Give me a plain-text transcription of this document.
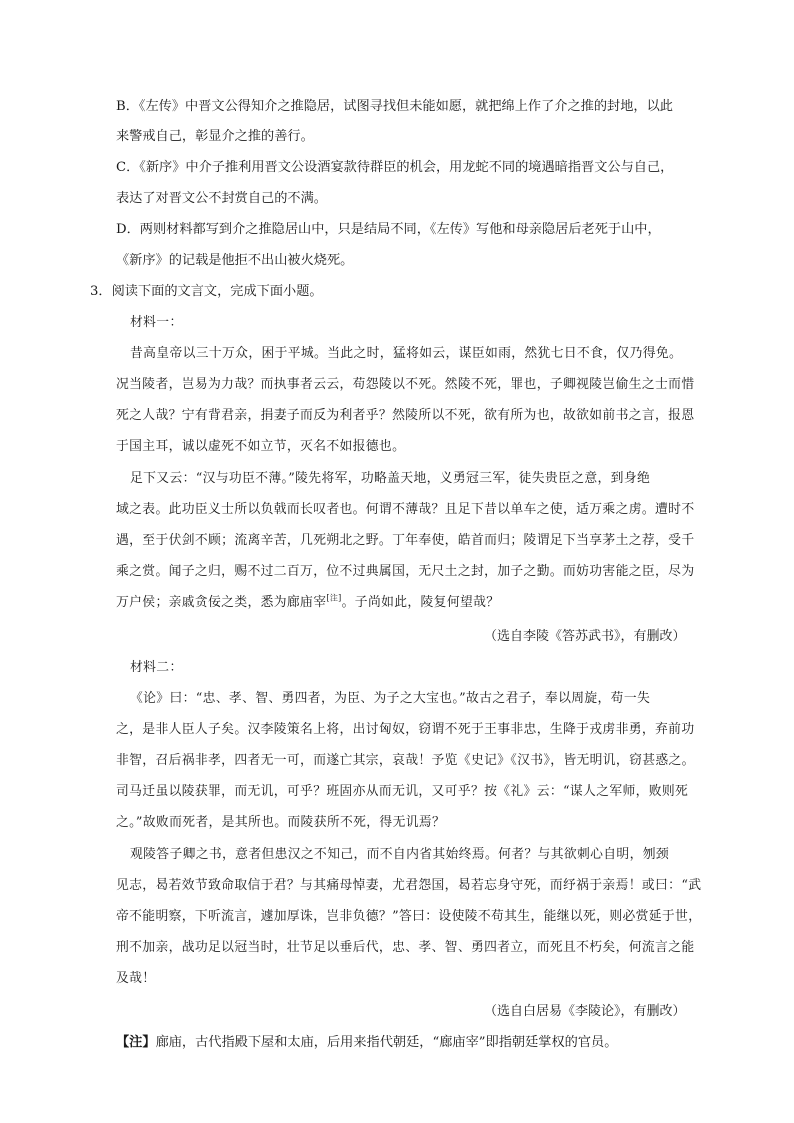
B．《左传》中晋文公得知介之推隐居，试图寻找但未能如愿，就把绵上作了介之推的封地，以此
来警戒自己，彰显介之推的善行。
C．《新序》中介子推利用晋文公设酒宴款待群臣的机会，用龙蛇不同的境遇暗指晋文公与自己，
表达了对晋文公不封赏自己的不满。
D．两则材料都写到介之推隐居山中，只是结局不同，《左传》写他和母亲隐居后老死于山中，
《新序》的记载是他拒不出山被火烧死。
3．阅读下面的文言文，完成下面小题。
材料一：
昔高皇帝以三十万众，困于平城。当此之时，猛将如云，谋臣如雨，然犹七日不食，仅乃得免。
况当陵者，岂易为力哉？而执事者云云，苟怨陵以不死。然陵不死，罪也，子卿视陵岂偷生之士而惜
死之人哉？宁有背君亲，捐妻子而反为利者乎？然陵所以不死，欲有所为也，故欲如前书之言，报恩
于国主耳，诚以虚死不如立节，灭名不如报德也。
足下又云：“汉与功臣不薄。”陵先将军，功略盖天地，义勇冠三军，徒失贵臣之意，到身绝
域之表。此功臣义士所以负戟而长叹者也。何谓不薄哉？且足下昔以单车之使，适万乘之虏。遭时不
遇，至于伏剑不顾；流离辛苦，几死朔北之野。丁年奉使，皓首而归；陵谓足下当享茅土之荐，受千
乘之赏。闻子之归，赐不过二百万，位不过典属国，无尺土之封，加子之勤。而妨功害能之臣，尽为
万户侯；亲戚贪佞之类，悉为廊庙宰[注]。子尚如此，陵复何望哉？
（选自李陵《答苏武书》，有删改）
材料二：
《论》曰：“忠、孝、智、勇四者，为臣、为子之大宝也。”故古之君子，奉以周旋，苟一失
之，是非人臣人子矣。汉李陵策名上将，出讨匈奴，窃谓不死于王事非忠，生降于戎虏非勇，弃前功
非智，召后祸非孝，四者无一可，而遂亡其宗，哀哉！予览《史记》《汉书》，皆无明讥，窃甚惑之。
司马迁虽以陵获罪，而无讥，可乎？班固亦从而无讥，又可乎？按《礼》云：“谋人之军师，败则死
之。”故败而死者，是其所也。而陵获所不死，得无讥焉？
观陵答子卿之书，意者但患汉之不知己，而不自内省其始终焉。何者？与其欲刺心自明，刎颈
见志，曷若效节致命取信于君？与其痛母悼妻，尤君怨国，曷若忘身守死，而纾祸于亲焉！或曰：“武
帝不能明察，下听流言，遽加厚诛，岂非负德？”答曰：设使陵不苟其生，能继以死，则必赏延于世，
刑不加亲，战功足以冠当时，壮节足以垂后代，忠、孝、智、勇四者立，而死且不朽矣，何流言之能
及哉！
（选自白居易《李陵论》，有删改）
【注】廊庙，古代指殿下屋和太庙，后用来指代朝廷，“廊庙宰”即指朝廷掌权的官员。
